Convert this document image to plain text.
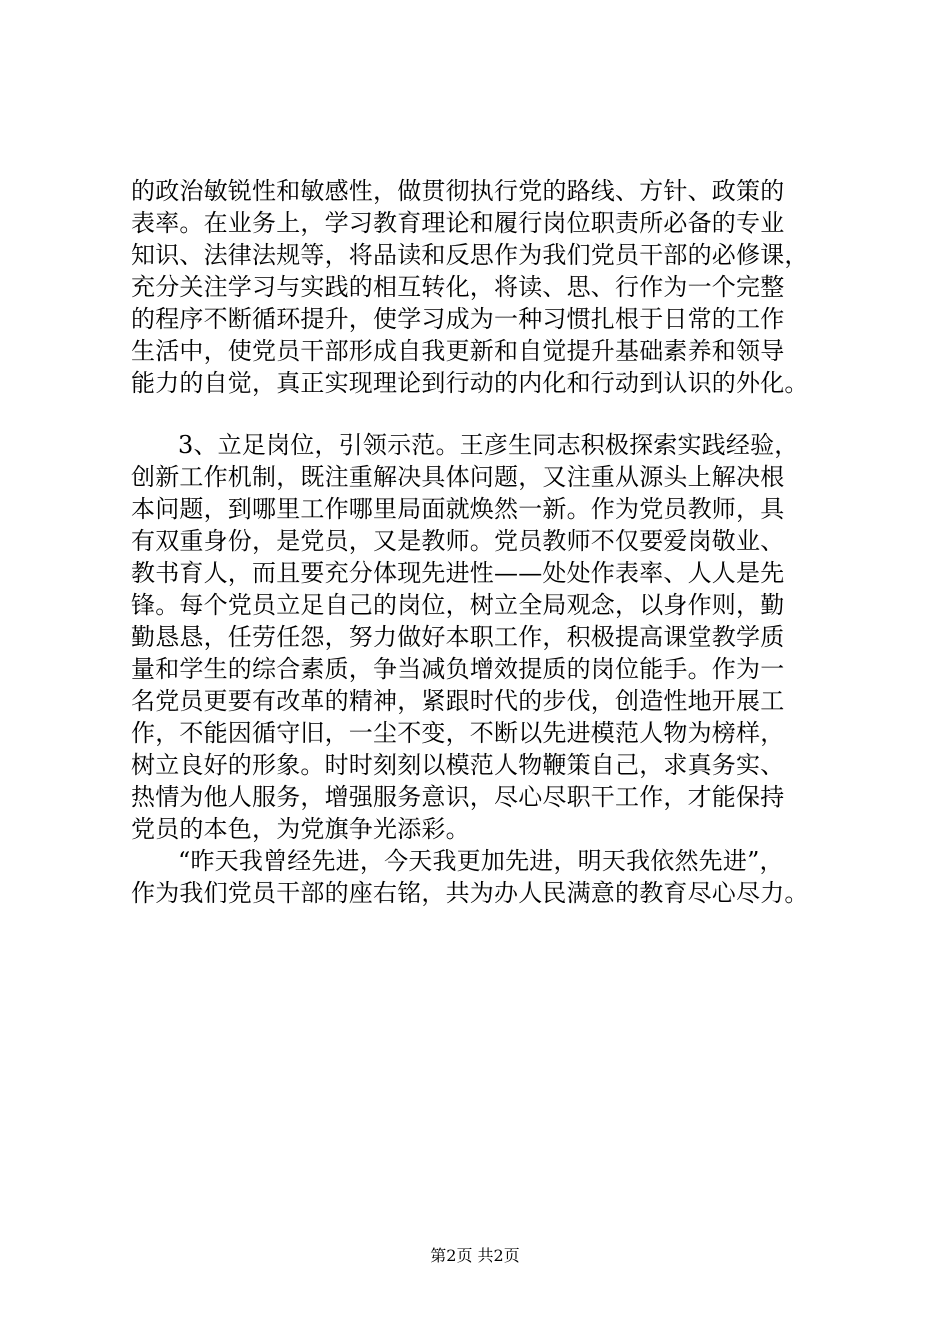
的政治敏锐性和敏感性，做贯彻执行党的路线、方针、政策的

表率。在业务上，学习教育理论和履行岗位职责所必备的专业

知识、法律法规等，将品读和反思作为我们党员干部的必修课，

充分关注学习与实践的相互转化，将读、思、行作为一个完整

的程序不断循环提升，使学习成为一种习惯扎根于日常的工作

生活中，使党员干部形成自我更新和自觉提升基础素养和领导

能力的自觉，真正实现理论到行动的内化和行动到认识的外化。

3、立足岗位，引领示范。王彦生同志积极探索实践经验，

创新工作机制，既注重解决具体问题，又注重从源头上解决根

本问题，到哪里工作哪里局面就焕然一新。作为党员教师，具

有双重身份，是党员，又是教师。党员教师不仅要爱岗敬业、

教书育人，而且要充分体现先进性——处处作表率、人人是先

锋。每个党员立足自己的岗位，树立全局观念，以身作则，勤

勤恳恳，任劳任怨，努力做好本职工作，积极提高课堂教学质

量和学生的综合素质，争当减负增效提质的岗位能手。作为一

名党员更要有改革的精神，紧跟时代的步伐，创造性地开展工

作，不能因循守旧，一尘不变，不断以先进模范人物为榜样，

树立良好的形象。时时刻刻以模范人物鞭策自己，求真务实、

热情为他人服务，增强服务意识，尽心尽职干工作，才能保持

党员的本色，为党旗争光添彩。

“昨天我曾经先进，今天我更加先进，明天我依然先进”，

作为我们党员干部的座右铭，共为办人民满意的教育尽心尽力。

第2页 共2页
